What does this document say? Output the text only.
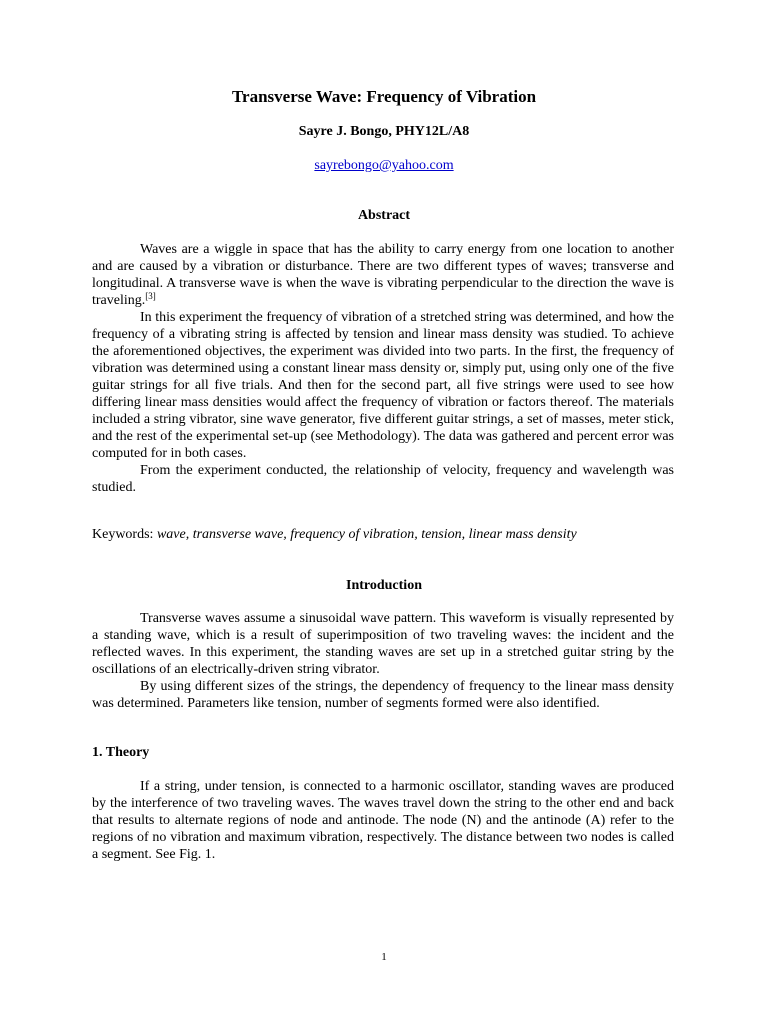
Transverse Wave: Frequency of Vibration
Sayre J. Bongo, PHY12L/A8
sayrebongo@yahoo.com
Abstract

Waves are a wiggle in space that has the ability to carry energy from one location to another and are caused by a vibration or disturbance. There are two different types of waves; transverse and longitudinal. A transverse wave is when the wave is vibrating perpendicular to the direction the wave is traveling.[3]

In this experiment the frequency of vibration of a stretched string was determined, and how the frequency of a vibrating string is affected by tension and linear mass density was studied. To achieve the aforementioned objectives, the experiment was divided into two parts. In the first, the frequency of vibration was determined using a constant linear mass density or, simply put, using only one of the five guitar strings for all five trials. And then for the second part, all five strings were used to see how differing linear mass densities would affect the frequency of vibration or factors thereof. The materials included a string vibrator, sine wave generator, five different guitar strings, a set of masses, meter stick, and the rest of the experimental set-up (see Methodology). The data was gathered and percent error was computed for in both cases.

From the experiment conducted, the relationship of velocity, frequency and wavelength was studied.

Keywords: wave, transverse wave, frequency of vibration, tension, linear mass density
Introduction

Transverse waves assume a sinusoidal wave pattern. This waveform is visually represented by a standing wave, which is a result of superimposition of two traveling waves: the incident and the reflected waves. In this experiment, the standing waves are set up in a stretched guitar string by the oscillations of an electrically-driven string vibrator.

By using different sizes of the strings, the dependency of frequency to the linear mass density was determined. Parameters like tension, number of segments formed were also identified.

1. Theory

If a string, under tension, is connected to a harmonic oscillator, standing waves are produced by the interference of two traveling waves. The waves travel down the string to the other end and back that results to alternate regions of node and antinode. The node (N) and the antinode (A) refer to the regions of no vibration and maximum vibration, respectively. The distance between two nodes is called a segment. See Fig. 1.

1
